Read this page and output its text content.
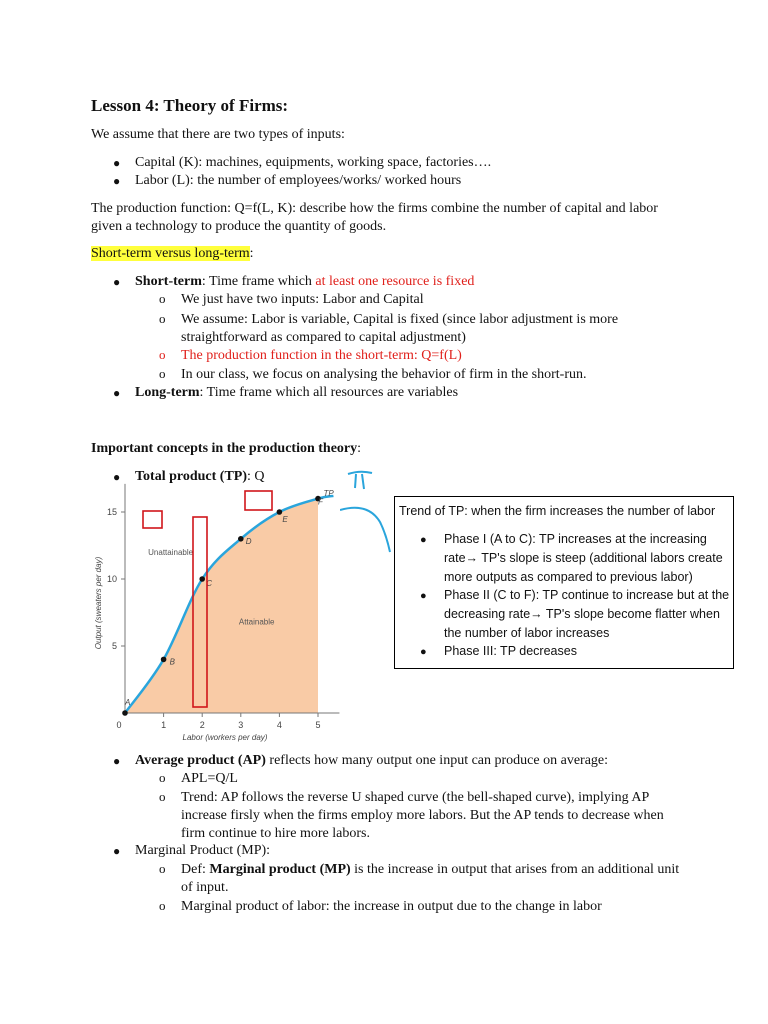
Lesson 4: Theory of Firms:
We assume that there are two types of inputs:
● Capital (K): machines, equipments, working space, factories….
● Labor (L): the number of employees/works/ worked hours
The production function: Q=f(L, K): describe how the firms combine the number of capital and labor
given a technology to produce the quantity of goods.
Short-term versus long-term:
● Short-term: Time frame which at least one resource is fixed
o We just have two inputs: Labor and Capital
o We assume: Labor is variable, Capital is fixed (since labor adjustment is more
straightforward as compared to capital adjustment)
o The production function in the short-term: Q=f(L)
o In our class, we focus on analysing the behavior of firm in the short-run.
● Long-term: Time frame which all resources are variables
Important concepts in the production theory:
● Total product (TP): Q
0	1	2	3	4	5
5
10
15
Labor (workers per day)
Output (sweaters per day)
Unattainable
Attainable
A
B
C
D
E
F
TP
Trend of TP: when the firm increases the number of labor
● Phase I (A to C): TP increases at the increasing
rate→ TP's slope is steep (additional labors create
more outputs as compared to previous labor)
● Phase II (C to F): TP continue to increase but at the
decreasing rate→ TP's slope become flatter when
the number of labor increases
● Phase III: TP decreases
● Average product (AP) reflects how many output one input can produce on average:
o APL=Q/L
o Trend: AP follows the reverse U shaped curve (the bell-shaped curve), implying AP
increase firsly when the firms employ more labors. But the AP tends to decrease when
firm continue to hire more labors.
● Marginal Product (MP):
o Def: Marginal product (MP) is the increase in output that arises from an additional unit
of input.
o Marginal product of labor: the increase in output due to the change in labor
